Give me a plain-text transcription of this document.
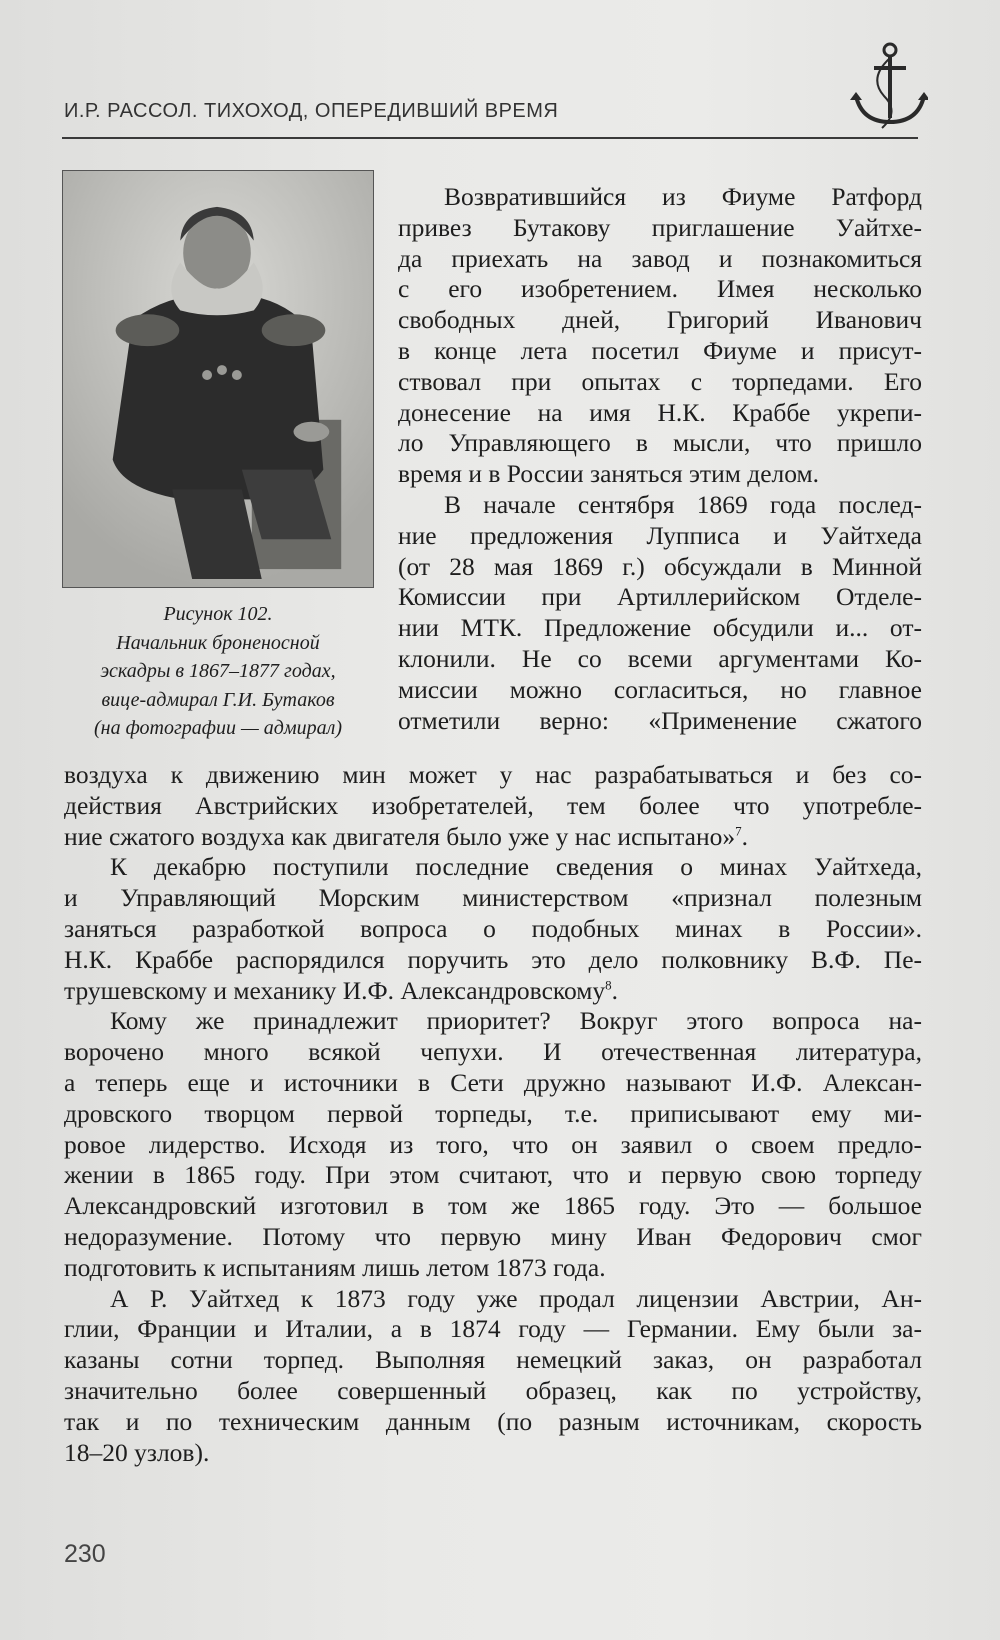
И.Р. РАССОЛ. ТИХОХОД, ОПЕРЕДИВШИЙ ВРЕМЯ
Рисунок 102.
Начальник броненосной
эскадры в 1867–1877 годах,
вице-адмирал Г.И. Бутаков
(на фотографии — адмирал)
Возвратившийся из Фиуме Ратфорд
привез Бутакову приглашение Уайтхе-
да приехать на завод и познакомиться
с его изобретением. Имея несколько
свободных дней, Григорий Иванович
в конце лета посетил Фиуме и присут-
ствовал при опытах с торпедами. Его
донесение на имя Н.К. Краббе укрепи-
ло Управляющего в мысли, что пришло
время и в России заняться этим делом.
В начале сентября 1869 года послед-
ние предложения Лупписа и Уайтхеда
(от 28 мая 1869 г.) обсуждали в Минной
Комиссии при Артиллерийском Отделе-
нии МТК. Предложение обсудили и... от-
клонили. Не со всеми аргументами Ко-
миссии можно согласиться, но главное
отметили верно: «Применение сжатого
воздуха к движению мин может у нас разрабатываться и без со-
действия Австрийских изобретателей, тем более что употребле-
ние сжатого воздуха как двигателя было уже у нас испытано»$^7$.
К декабрю поступили последние сведения о минах Уайтхеда,
и Управляющий Морским министерством «признал полезным
заняться разработкой вопроса о подобных минах в России».
Н.К. Краббе распорядился поручить это дело полковнику В.Ф. Пе-
трушевскому и механику И.Ф. Александровскому$^8$.
Кому же принадлежит приоритет? Вокруг этого вопроса на-
ворочено много всякой чепухи. И отечественная литература,
а теперь еще и источники в Сети дружно называют И.Ф. Алексан-
дровского творцом первой торпеды, т.е. приписывают ему ми-
ровое лидерство. Исходя из того, что он заявил о своем предло-
жении в 1865 году. При этом считают, что и первую свою торпеду
Александровский изготовил в том же 1865 году. Это — большое
недоразумение. Потому что первую мину Иван Федорович смог
подготовить к испытаниям лишь летом 1873 года.
А Р. Уайтхед к 1873 году уже продал лицензии Австрии, Ан-
глии, Франции и Италии, а в 1874 году — Германии. Ему были за-
казаны сотни торпед. Выполняя немецкий заказ, он разработал
значительно более совершенный образец, как по устройству,
так и по техническим данным (по разным источникам, скорость
18–20 узлов).
230
